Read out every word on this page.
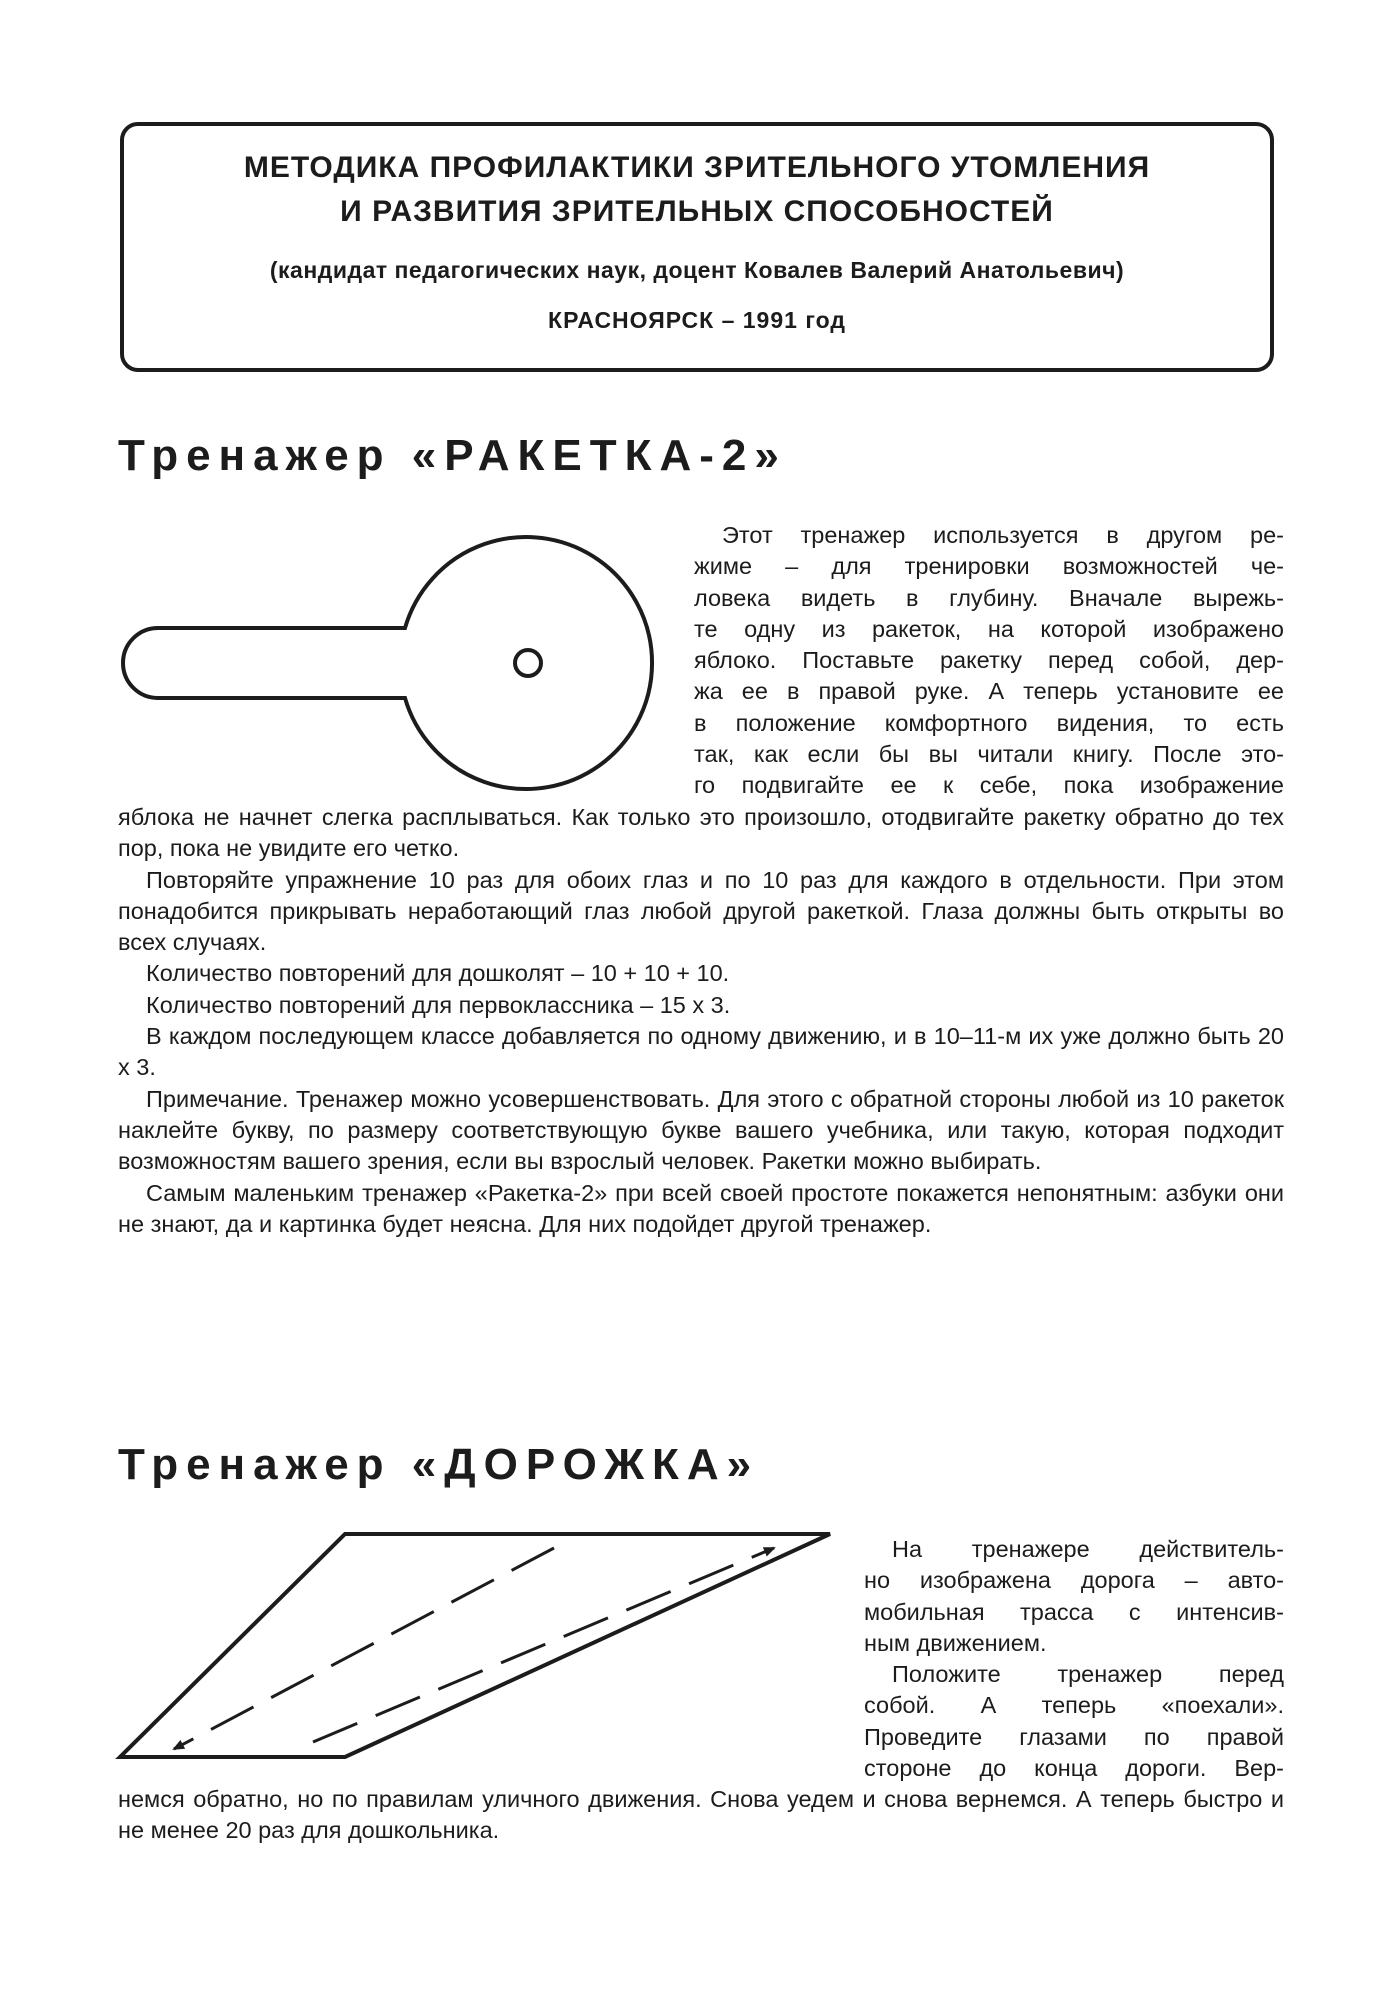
МЕТОДИКА ПРОФИЛАКТИКИ ЗРИТЕЛЬНОГО УТОМЛЕНИЯ
И РАЗВИТИЯ ЗРИТЕЛЬНЫХ СПОСОБНОСТЕЙ
(кандидат педагогических наук, доцент Ковалев Валерий Анатольевич)
КРАСНОЯРСК – 1991 год
Тренажер «РАКЕТКА-2»
Этот тренажер используется в другом ре-
жиме – для тренировки возможностей че-
ловека видеть в глубину. Вначале вырежь-
те одну из ракеток, на которой изображено
яблоко. Поставьте ракетку перед собой, дер-
жа ее в правой руке. А теперь установите ее
в положение комфортного видения, то есть
так, как если бы вы читали книгу. После это-
го подвигайте ее к себе, пока изображение

яблока не начнет слегка расплываться. Как только это произошло, отодвигайте ракетку обратно до тех пор, пока не увидите его четко.

Повторяйте упражнение 10 раз для обоих глаз и по 10 раз для каждого в отдельности. При этом понадобится прикрывать неработающий глаз любой другой ракеткой. Глаза должны быть открыты во всех случаях.

Количество повторений для дошколят – 10 + 10 + 10.

Количество повторений для первоклассника – 15 х 3.

В каждом последующем классе добавляется по одному движению, и в 10–11-м их уже должно быть 20 х 3.

Примечание. Тренажер можно усовершенствовать. Для этого с обратной стороны любой из 10 ракеток наклейте букву, по размеру соответствующую букве вашего учебника, или такую, которая подходит возможностям вашего зрения, если вы взрослый человек. Ракетки можно выбирать.

Самым маленьким тренажер «Ракетка-2» при всей своей простоте покажется непонятным: азбуки они не знают, да и картинка будет неясна. Для них подойдет другой тренажер.

Тренажер «ДОРОЖКА»
На тренажере действитель-
но изображена дорога – авто-
мобильная трасса с интенсив-
ным движением.
Положите тренажер перед
собой. А теперь «поехали».
Проведите глазами по правой
стороне до конца дороги. Вер-

немся обратно, но по правилам уличного движения. Снова уедем и снова вернемся. А теперь быстро и не менее 20 раз для дошкольника.
